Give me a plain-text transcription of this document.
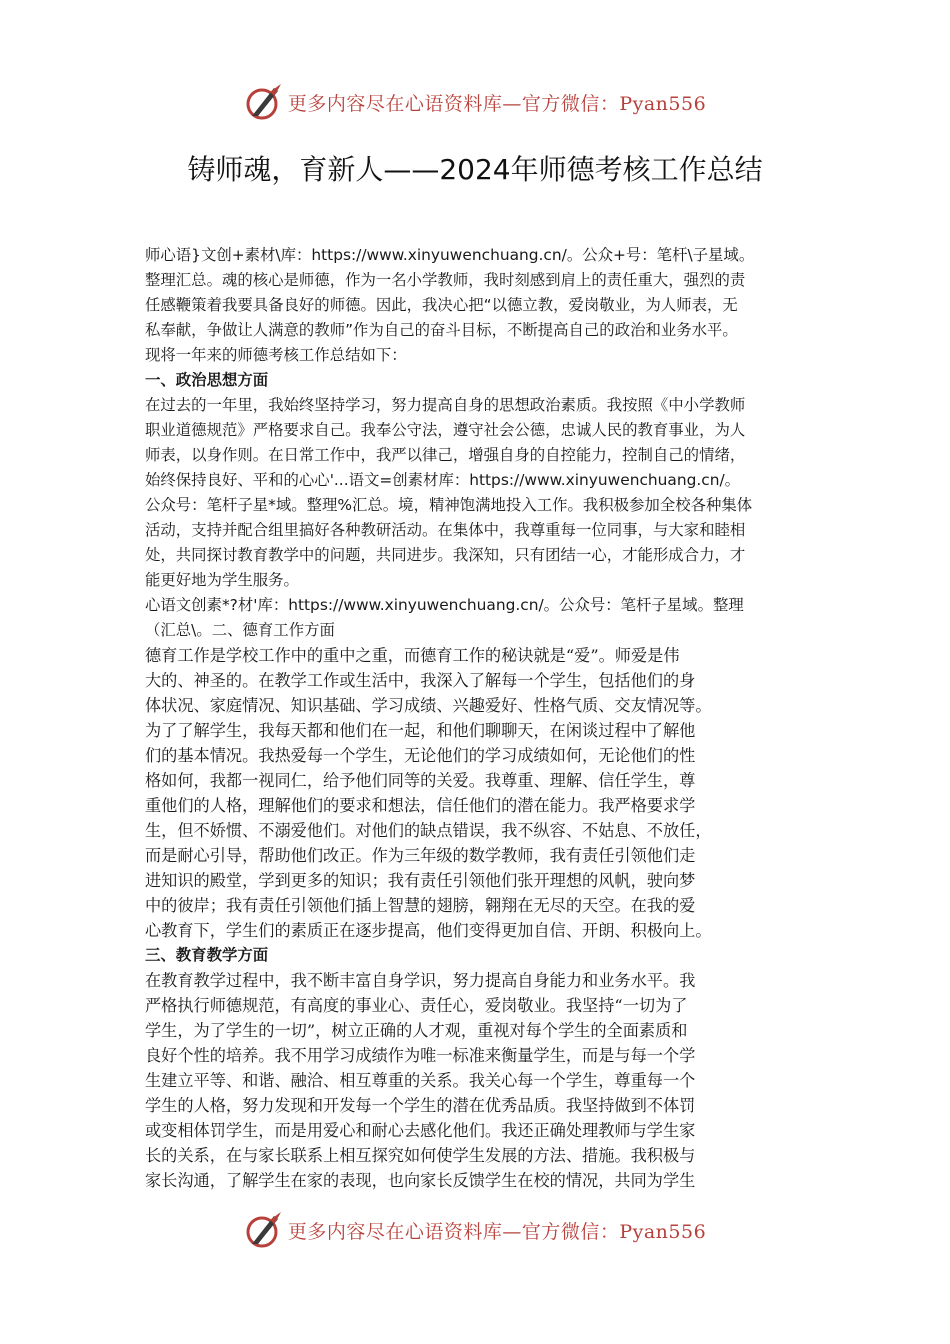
更多内容尽在心语资料库—官方微信：Pyan556
铸师魂，育新人——2024年师德考核工作总结

师心语}文创+素材\库：https://www.xinyuwenchuang.cn/。公众+号：笔杆\子星域。
整理汇总。魂的核心是师德，作为一名小学教师，我时刻感到肩上的责任重大，强烈的责
任感鞭策着我要具备良好的师德。因此，我决心把“以德立教，爱岗敬业，为人师表，无
私奉献，争做让人满意的教师”作为自己的奋斗目标，不断提高自己的政治和业务水平。
现将一年来的师德考核工作总结如下：

一、政治思想方面

在过去的一年里，我始终坚持学习，努力提高自身的思想政治素质。我按照《中小学教师
职业道德规范》严格要求自己。我奉公守法，遵守社会公德，忠诚人民的教育事业，为人
师表，以身作则。在日常工作中，我严以律己，增强自身的自控能力，控制自己的情绪，
始终保持良好、平和的心心'...语文=创素材库：https://www.xinyuwenchuang.cn/。
公众号：笔杆子星*域。整理%汇总。境，精神饱满地投入工作。我积极参加全校各种集体
活动，支持并配合组里搞好各种教研活动。在集体中，我尊重每一位同事，与大家和睦相
处，共同探讨教育教学中的问题，共同进步。我深知，只有团结一心，才能形成合力，才
能更好地为学生服务。

心语文创素*?材'库：https://www.xinyuwenchuang.cn/。公众号：笔杆子星域。整理
（汇总\。二、德育工作方面

德育工作是学校工作中的重中之重，而德育工作的秘诀就是“爱”。师爱是伟
大的、神圣的。在教学工作或生活中，我深入了解每一个学生，包括他们的身
体状况、家庭情况、知识基础、学习成绩、兴趣爱好、性格气质、交友情况等。
为了了解学生，我每天都和他们在一起，和他们聊聊天，在闲谈过程中了解他
们的基本情况。我热爱每一个学生，无论他们的学习成绩如何，无论他们的性
格如何，我都一视同仁，给予他们同等的关爱。我尊重、理解、信任学生，尊
重他们的人格，理解他们的要求和想法，信任他们的潜在能力。我严格要求学
生，但不娇惯、不溺爱他们。对他们的缺点错误，我不纵容、不姑息、不放任，
而是耐心引导，帮助他们改正。作为三年级的数学教师，我有责任引领他们走
进知识的殿堂，学到更多的知识；我有责任引领他们张开理想的风帆，驶向梦
中的彼岸；我有责任引领他们插上智慧的翅膀，翱翔在无尽的天空。在我的爱
心教育下，学生们的素质正在逐步提高，他们变得更加自信、开朗、积极向上。

三、教育教学方面

在教育教学过程中，我不断丰富自身学识，努力提高自身能力和业务水平。我
严格执行师德规范，有高度的事业心、责任心，爱岗敬业。我坚持“一切为了
学生，为了学生的一切”，树立正确的人才观，重视对每个学生的全面素质和
良好个性的培养。我不用学习成绩作为唯一标准来衡量学生，而是与每一个学
生建立平等、和谐、融洽、相互尊重的关系。我关心每一个学生，尊重每一个
学生的人格，努力发现和开发每一个学生的潜在优秀品质。我坚持做到不体罚
或变相体罚学生，而是用爱心和耐心去感化他们。我还正确处理教师与学生家
长的关系，在与家长联系上相互探究如何使学生发展的方法、措施。我积极与
家长沟通，了解学生在家的表现，也向家长反馈学生在校的情况，共同为学生

更多内容尽在心语资料库—官方微信：Pyan556
